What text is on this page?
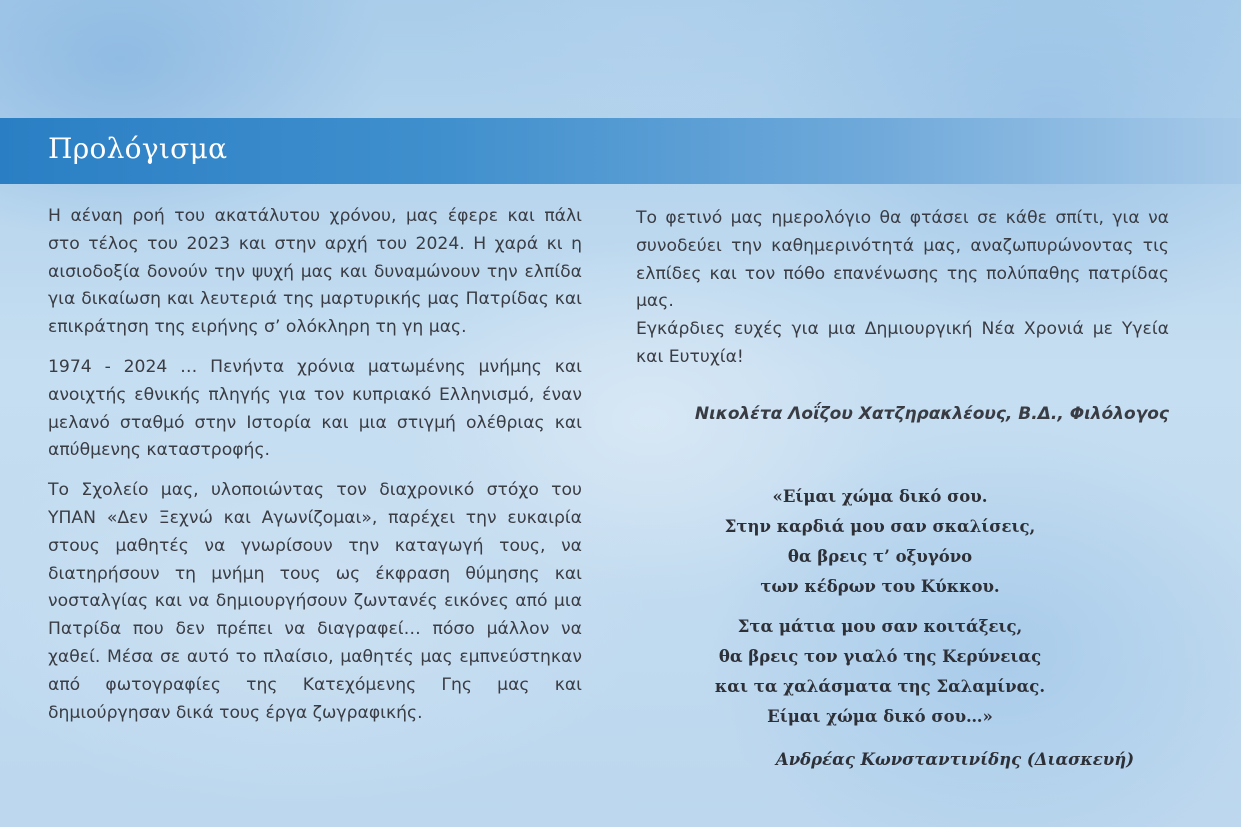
Προλόγισμα

Η αέναη ροή του ακατάλυτου χρόνου, μας έφερε και πάλι στο τέλος του 2023 και στην αρχή του 2024. Η χαρά κι η αισιοδοξία δονούν την ψυχή μας και δυναμώνουν την ελπίδα για δικαίωση και λευτεριά της μαρτυρικής μας Πατρίδας και επικράτηση της ειρήνης σ’ ολόκληρη τη γη μας.

1974 - 2024 … Πενήντα χρόνια ματωμένης μνήμης και ανοιχτής εθνικής πληγής για τον κυπριακό Ελληνισμό, έναν μελανό σταθμό στην Ιστορία και μια στιγμή ολέθριας και απύθμενης καταστροφής.

Το Σχολείο μας, υλοποιώντας τον διαχρονικό στόχο του ΥΠΑΝ «Δεν Ξεχνώ και Αγωνίζομαι», παρέχει την ευκαιρία στους μαθητές να γνωρίσουν την καταγωγή τους, να διατηρήσουν τη μνήμη τους ως έκφραση θύμησης και νοσταλγίας και να δημιουργήσουν ζωντανές εικόνες από μια Πατρίδα που δεν πρέπει να διαγραφεί… πόσο μάλλον να χαθεί. Μέσα σε αυτό το πλαίσιο, μαθητές μας εμπνεύστηκαν από φωτογραφίες της Κατεχόμενης Γης μας και δημιούργησαν δικά τους έργα ζωγραφικής.

Το φετινό μας ημερολόγιο θα φτάσει σε κάθε σπίτι, για να συνοδεύει την καθημερινότητά μας, αναζωπυρώνοντας τις ελπίδες και τον πόθο επανένωσης της πολύπαθης πατρίδας μας.

Εγκάρδιες ευχές για μια Δημιουργική Νέα Χρονιά με Υγεία και Ευτυχία!

Νικολέτα Λοΐζου Χατζηρακλέους, Β.Δ., Φιλόλογος
«Είμαι χώμα δικό σου.
Στην καρδιά μου σαν σκαλίσεις,
θα βρεις τ’ οξυγόνο
των κέδρων του Κύκκου.
Στα μάτια μου σαν κοιτάξεις,
θα βρεις τον γιαλό της Κερύνειας
και τα χαλάσματα της Σαλαμίνας.
Είμαι χώμα δικό σου…»
Ανδρέας Κωνσταντινίδης (Διασκευή)
